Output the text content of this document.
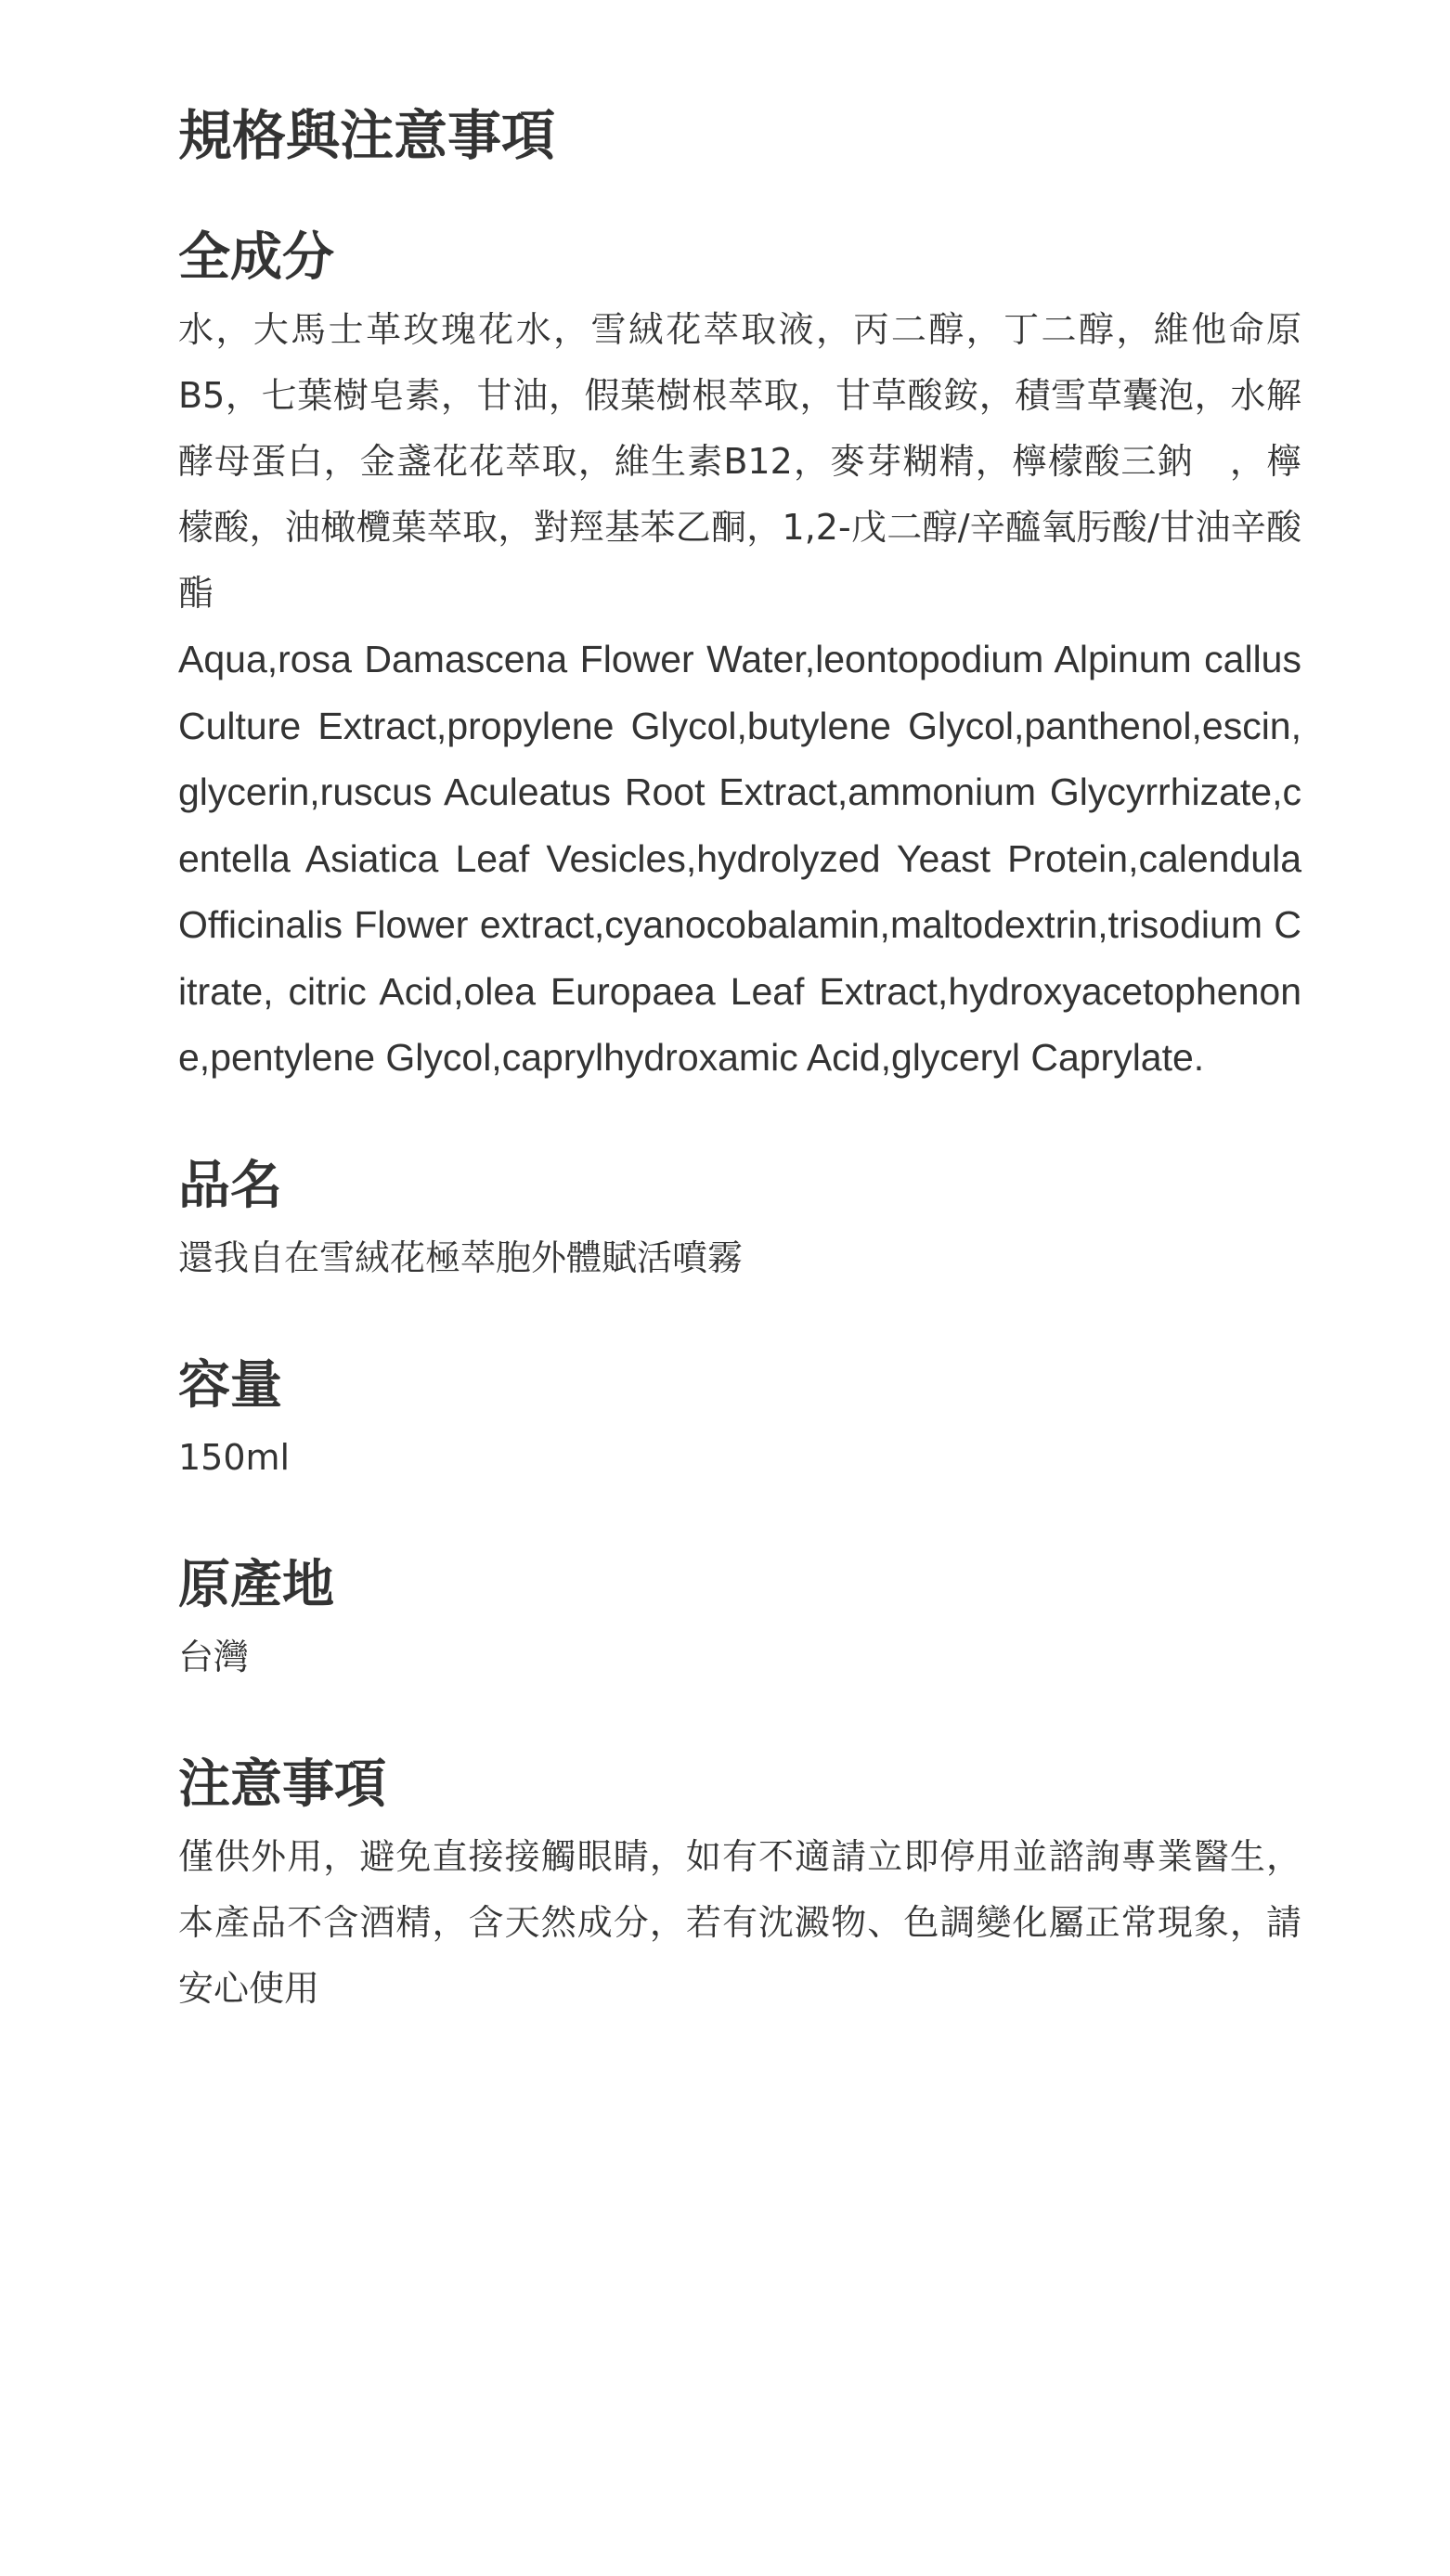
規格與注意事項
全成分

水，大馬士革玫瑰花水，雪絨花萃取液，丙二醇，丁二醇，維他命原B5，七葉樹皂素，甘油，假葉樹根萃取，甘草酸銨，積雪草囊泡，水解酵母蛋白，金盞花花萃取，維生素B12，麥芽糊精，檸檬酸三鈉　，檸檬酸，油橄欖葉萃取，對羥基苯乙酮，1,2-戊二醇/辛醯氧肟酸/甘油辛酸酯

Aqua,rosa Damascena Flower Water,leontopodium Alpinum callus Culture Extract,propylene Glycol,butylene Glycol,panthenol,escin,glycerin,ruscus Aculeatus Root Extract,ammonium Glycyrrhizate,centella Asiatica Leaf Vesicles,hydrolyzed Yeast Protein,calendula Officinalis Flower extract,cyanocobalamin,maltodextrin,trisodium Citrate, citric Acid,olea Europaea Leaf Extract,hydroxyacetophenone,pentylene Glycol,caprylhydroxamic Acid,glyceryl Caprylate.

品名

還我自在雪絨花極萃胞外體賦活噴霧

容量

150ml

原產地

台灣

注意事項

僅供外用，避免直接接觸眼睛，如有不適請立即停用並諮詢專業醫生，本產品不含酒精，含天然成分，若有沈澱物、色調變化屬正常現象，請安心使用
